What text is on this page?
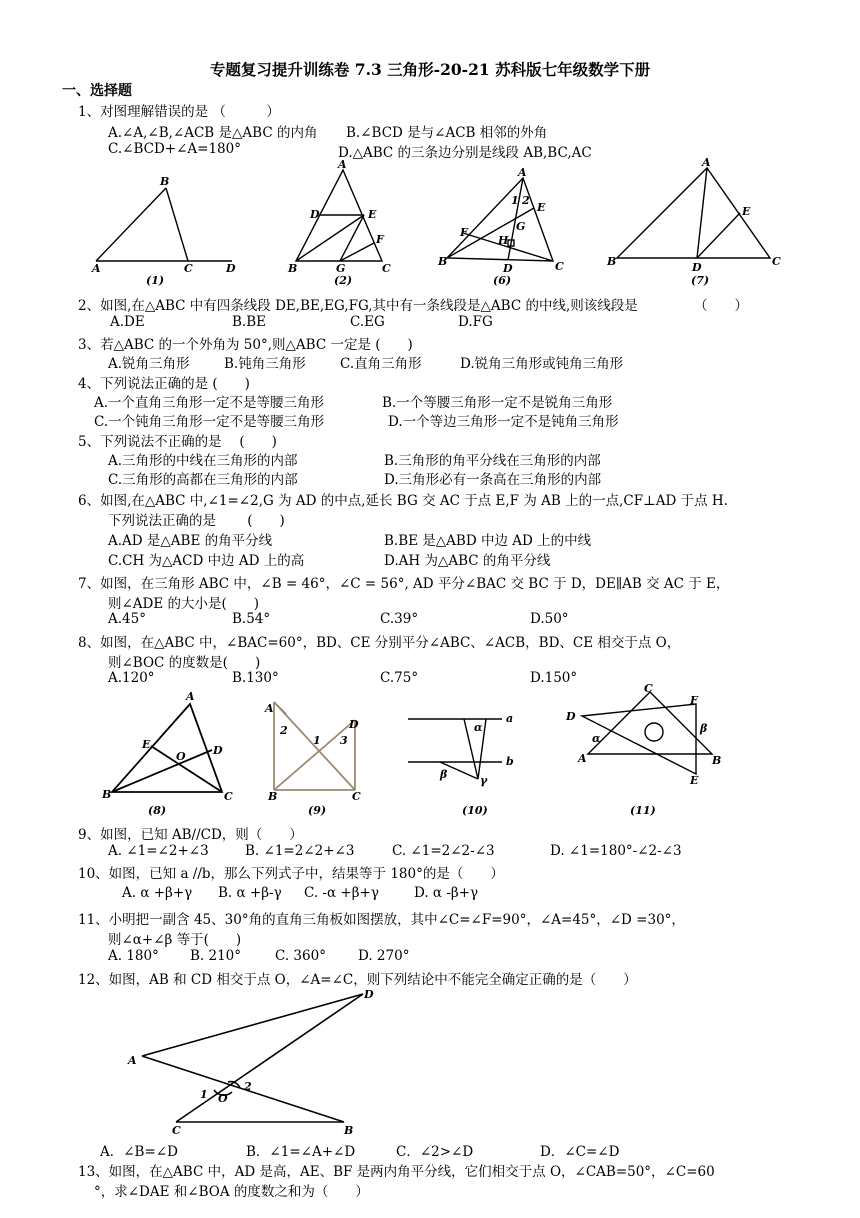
专题复习提升训练卷 7.3 三角形-20-21 苏科版七年级数学下册
一、选择题
1、对图理解错误的是 （　　　）
A.∠A,∠B,∠ACB 是△ABC 的内角 B.∠BCD 是与∠ACB 相邻的外角
C.∠BCD+∠A=180°	D.△ABC 的三条边分别是线段 AB,BC,AC
A
B
C	D
(1)
A
D	E
F
B	G	C
(2)
A
1 2
E
G
F
H
B
D	C
(6)
A
E
B	D	C
(7)
2、如图,在△ABC 中有四条线段 DE,BE,EG,FG,其中有一条线段是△ABC 的中线,则该线段是	（　　）
A.DE	B.BE	C.EG	D.FG
3、若△ABC 的一个外角为 50°,则△ABC 一定是 (　　)
A.锐角三角形	B.钝角三角形	C.直角三角形	D.锐角三角形或钝角三角形
4、下列说法正确的是 (　　)
A.一个直角三角形一定不是等腰三角形	B.一个等腰三角形一定不是锐角三角形
C.一个钝角三角形一定不是等腰三角形	D.一个等边三角形一定不是钝角三角形
5、下列说法不正确的是 　(　　)
A.三角形的中线在三角形的内部	B.三角形的角平分线在三角形的内部
C.三角形的高都在三角形的内部	D.三角形必有一条高在三角形的内部
6、如图,在△ABC 中,∠1=∠2,G 为 AD 的中点,延长 BG 交 AC 于点 E,F 为 AB 上的一点,CF⊥AD 于点 H.
下列说法正确的是 　　(　　)
A.AD 是△ABE 的角平分线	B.BE 是△ABD 中边 AD 上的中线
C.CH 为△ACD 中边 AD 上的高	D.AH 为△ABC 的角平分线
7、如图，在三角形 ABC 中，∠B = 46°，∠C = 56°, AD 平分∠BAC 交 BC 于 D，DE∥AB 交 AC 于 E，
则∠ADE 的大小是(　　)
A.45°	B.54°	C.39°	D.50°
8、如图，在△ABC 中，∠BAC=60°，BD、CE 分别平分∠ABC、∠ACB，BD、CE 相交于点 O，
则∠BOC 的度数是(　　)
A.120°	B.130°	C.75°	D.150°
A
E
O D
B	C
(8)
A
2
1 3
D
B	C
(9)
a
b
α
β	γ
(10)
C
D
F
α
β
A	B
E
(11)
9、如图，已知 AB//CD，则（　　）
A. ∠1=∠2+∠3	B. ∠1=2∠2+∠3	C. ∠1=2∠2-∠3	D. ∠1=180°-∠2-∠3
10、如图，已知 a //b，那么下列式子中，结果等于 180°的是（　　）
A. α +β+γ B. α +β-γ C. -α +β+γ	D. α -β+γ
11、小明把一副含 45、30°角的直角三角板如图摆放，其中∠C=∠F=90°，∠A=45°，∠D =30°，
则∠α+∠β 等于(　　)
A. 180° B. 210°	C. 360° D. 270°
12、如图，AB 和 CD 相交于点 O，∠A=∠C，则下列结论中不能完全确定正确的是（　　）
A
D
1
2
O
C	B
A．∠B=∠D	B．∠1=∠A+∠D	C．∠2>∠D	D．∠C=∠D
13、如图，在△ABC 中，AD 是高，AE、BF 是两内角平分线，它们相交于点 O，∠CAB=50°，∠C=60
°，求∠DAE 和∠BOA 的度数之和为（　　）
